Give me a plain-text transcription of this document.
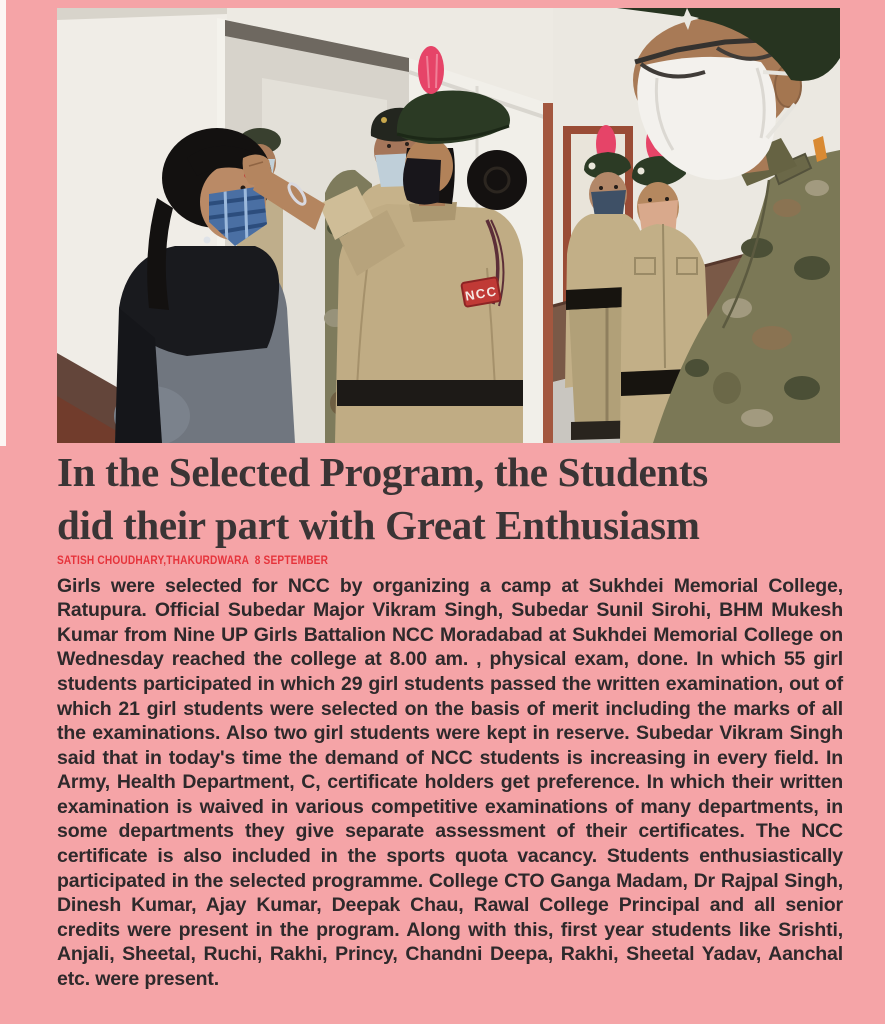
NCC
In the Selected Program, the Students
did their part with Great Enthusiasm
SATISH CHOUDHARY,THAKURDWARA  8 SEPTEMBER

Girls were selected for NCC by organizing a camp at Sukhdei Memorial College, Ratupura. Official Subedar Major Vikram Singh, Subedar Sunil Sirohi, BHM Mukesh Kumar from Nine UP Girls Battalion NCC Moradabad at Sukhdei Memorial College on Wednesday reached the college at 8.00 am. , physical exam, done. In which 55 girl students participated in which 29 girl students passed the written examination, out of which 21 girl students were selected on the basis of merit including the marks of all the examinations. Also two girl students were kept in reserve. Subedar Vikram Singh said that in today's time the demand of NCC students is increasing in every field. In Army, Health Department, C, certificate holders get preference. In which their written examination is waived in various competitive examinations of many departments, in some departments they give separate assessment of their certificates. The NCC certificate is also included in the sports quota vacancy. Students enthusiastically participated in the selected programme. College CTO Ganga Madam, Dr Rajpal Singh, Dinesh Kumar, Ajay Kumar, Deepak Chau, Rawal College Principal and all senior credits were present in the program. Along with this, first year students like Srishti, Anjali, Sheetal, Ruchi, Rakhi, Princy, Chandni Deepa, Rakhi, Sheetal Yadav, Aanchal etc. were present.
